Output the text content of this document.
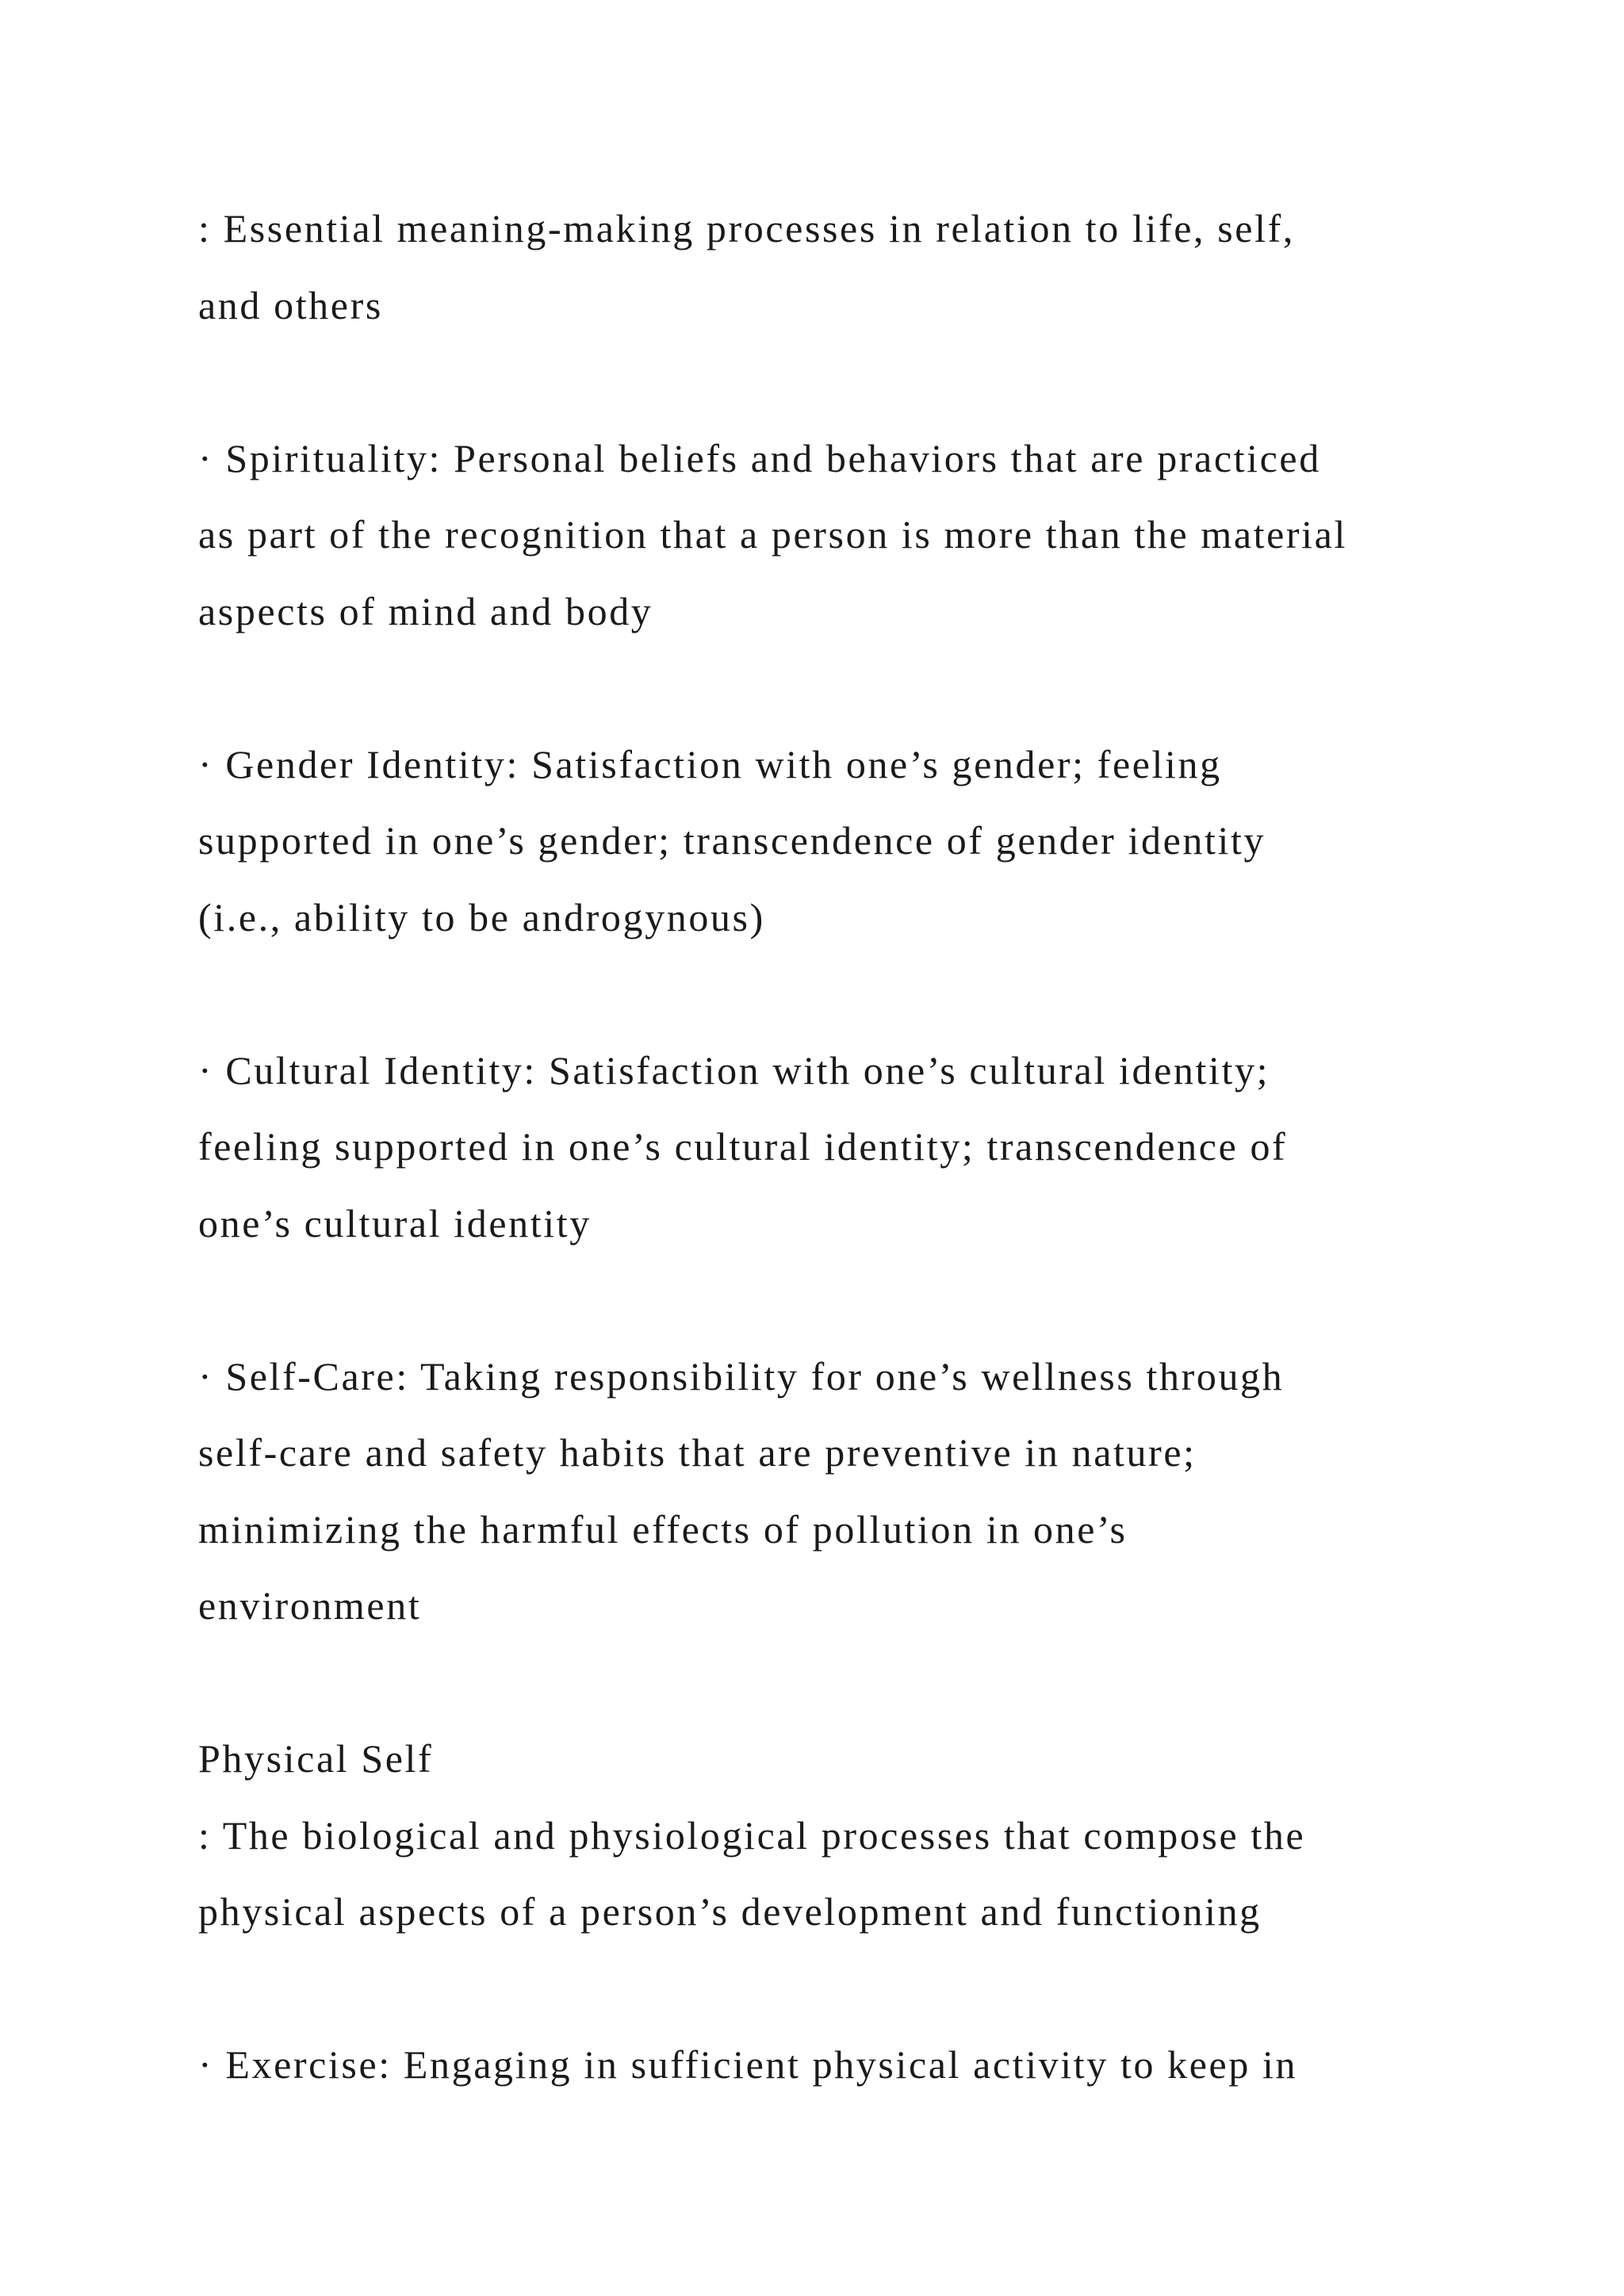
: Essential meaning-making processes in relation to life, self,
and others
· Spirituality: Personal beliefs and behaviors that are practiced
as part of the recognition that a person is more than the material
aspects of mind and body
· Gender Identity: Satisfaction with one’s gender; feeling
supported in one’s gender; transcendence of gender identity
(i.e., ability to be androgynous)
· Cultural Identity: Satisfaction with one’s cultural identity;
feeling supported in one’s cultural identity; transcendence of
one’s cultural identity
· Self-Care: Taking responsibility for one’s wellness through
self-care and safety habits that are preventive in nature;
minimizing the harmful effects of pollution in one’s
environment
Physical Self
: The biological and physiological processes that compose the
physical aspects of a person’s development and functioning
· Exercise: Engaging in sufficient physical activity to keep in
